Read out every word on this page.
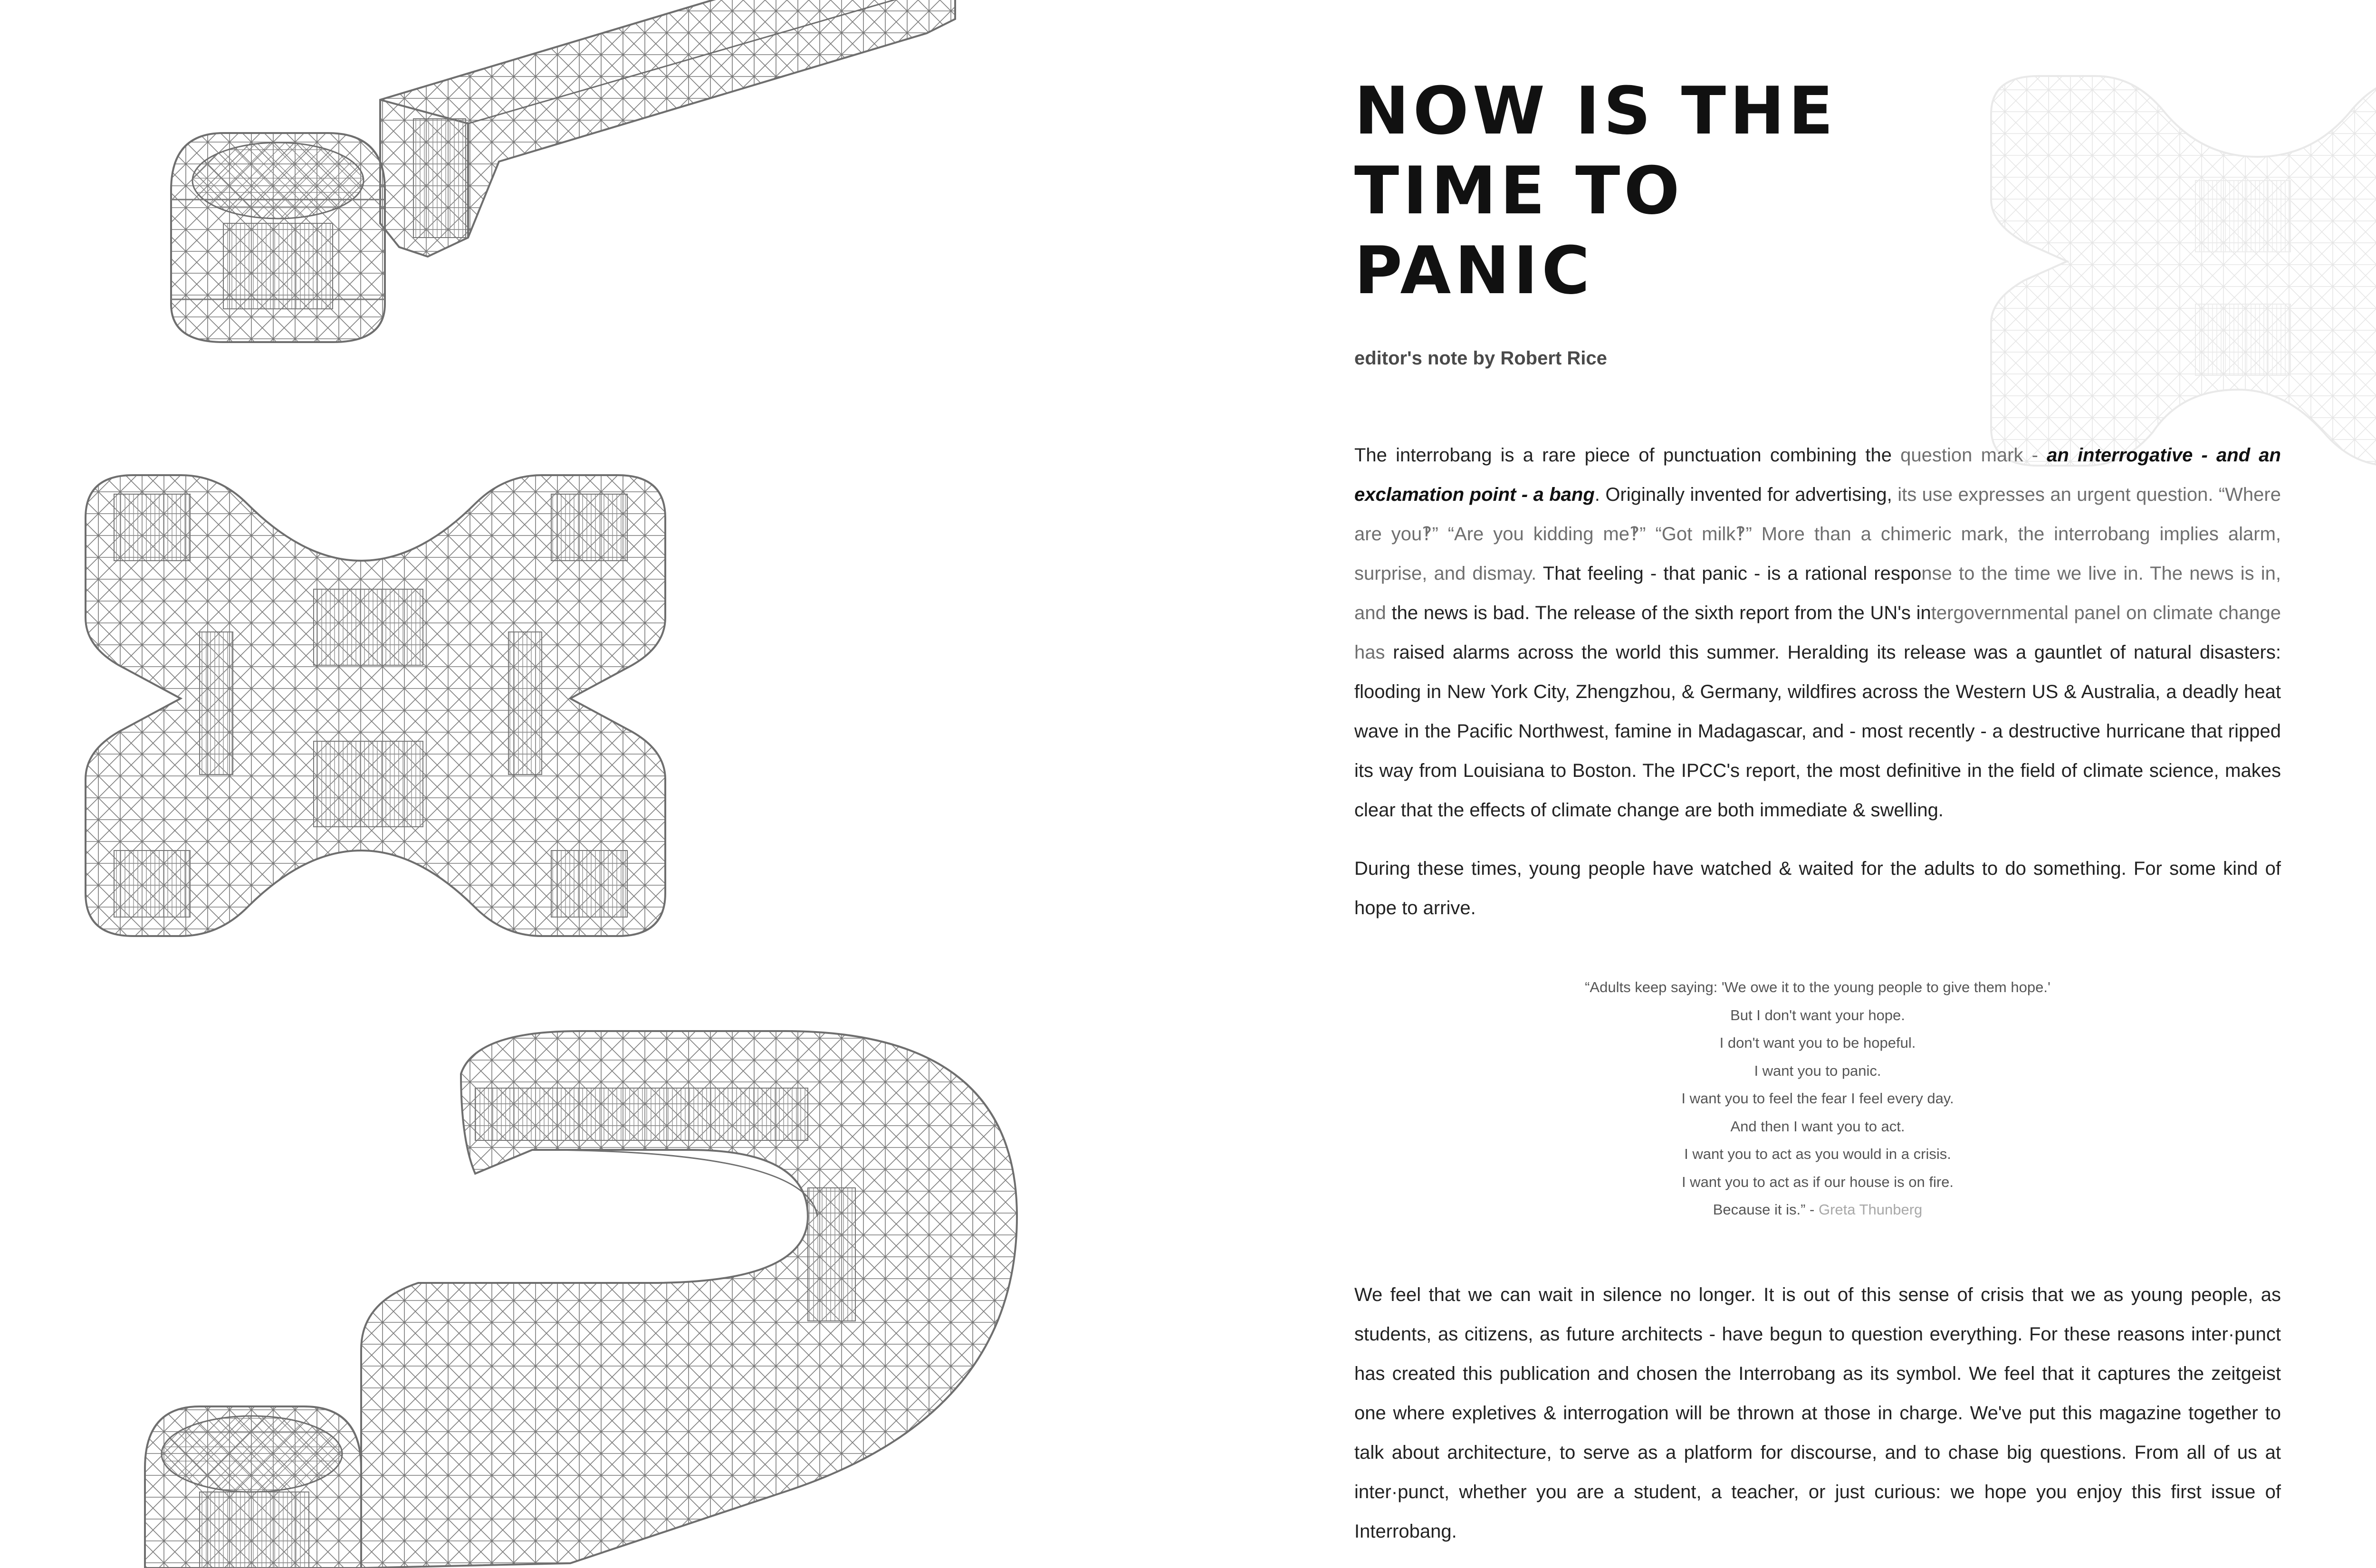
NOW IS THE
TIME TO
PANIC
editor's note by Robert Rice

The interrobang is a rare piece of punctuation combining the question mark - an interrogative - and an exclamation point - a bang. Originally invented for advertising, its use expresses an urgent question. “Where are you‽” “Are you kidding me‽” “Got milk‽” More than a chimeric mark, the interrobang implies alarm, surprise, and dismay. That feeling - that panic - is a rational response to the time we live in. The news is in, and the news is bad. The release of the sixth report from the UN's intergovernmental panel on climate change has raised alarms across the world this summer. Heralding its release was a gauntlet of natural disasters: flooding in New York City, Zhengzhou, & Germany, wildfires across the Western US & Australia, a deadly heat wave in the Pacific Northwest, famine in Madagascar, and - most recently - a destructive hurricane that ripped its way from Louisiana to Boston. The IPCC's report, the most definitive in the field of climate science, makes clear that the effects of climate change are both immediate & swelling.

During these times, young people have watched & waited for the adults to do something. For some kind of hope to arrive.

“Adults keep saying: 'We owe it to the young people to give them hope.'
But I don't want your hope.
I don't want you to be hopeful.
I want you to panic.
I want you to feel the fear I feel every day.
And then I want you to act.
I want you to act as you would in a crisis.
I want you to act as if our house is on fire.
Because it is.” - Greta Thunberg

We feel that we can wait in silence no longer. It is out of this sense of crisis that we as young people, as students, as citizens, as future architects - have begun to question everything. For these reasons inter·punct has created this publication and chosen the Interrobang as its symbol. We feel that it captures the zeitgeist one where expletives & interrogation will be thrown at those in charge. We've put this magazine together to talk about architecture, to serve as a platform for discourse, and to chase big questions. From all of us at inter·punct, whether you are a student, a teacher, or just curious: we hope you enjoy this first issue of Interrobang.
